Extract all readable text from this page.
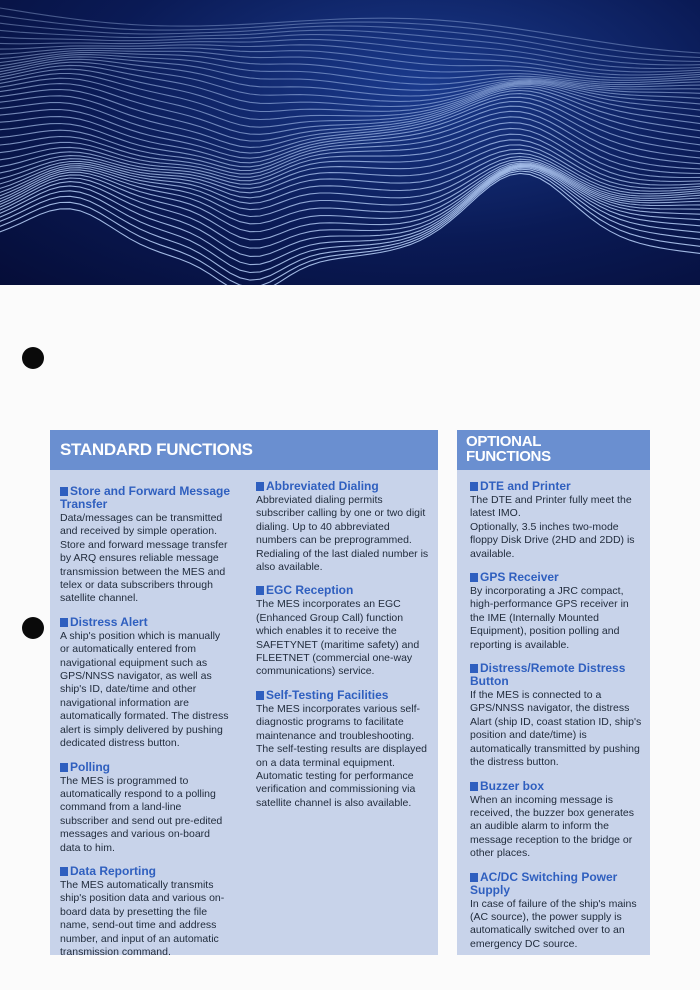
STANDARD FUNCTIONS
Store and Forward Message Transfer

Data/messages can be transmitted and received by simple operation. Store and forward message transfer by ARQ ensures reliable message transmission between the MES and telex or data subscribers through satellite channel.

Distress Alert

A ship's position which is manually or automatically entered from navigational equipment such as GPS/NNSS navigator, as well as ship's ID, date/time and other navigational information are automatically formated. The distress alert is simply delivered by pushing dedicated distress button.

Polling

The MES is programmed to automatically respond to a polling command from a land-line subscriber and send out pre-edited messages and various on-board data to him.

Data Reporting

The MES automatically transmits ship's position data and various on-board data by presetting the file name, send-out time and address number, and input of an automatic transmission command.

Abbreviated Dialing

Abbreviated dialing permits subscriber calling by one or two digit dialing. Up to 40 abbreviated numbers can be preprogrammed. Redialing of the last dialed number is also available.

EGC Reception

The MES incorporates an EGC (Enhanced Group Call) function which enables it to receive the SAFETYNET (maritime safety) and FLEETNET (commercial one-way communications) service.

Self-Testing Facilities

The MES incorporates various self-diagnostic programs to facilitate maintenance and troubleshooting. The self-testing results are displayed on a data terminal equipment. Automatic testing for performance verification and commissioning via satellite channel is also available.

OPTIONAL
FUNCTIONS
DTE and Printer

The DTE and Printer fully meet the latest IMO.

Optionally, 3.5 inches two-mode floppy Disk Drive (2HD and 2DD) is available.

GPS Receiver

By incorporating a JRC compact, high-performance GPS receiver in the IME (Internally Mounted Equipment), position polling and reporting is available.

Distress/Remote Distress Button

If the MES is connected to a GPS/NNSS navigator, the distress Alart (ship ID, coast station ID, ship's position and date/time) is automatically transmitted by pushing the distress button.

Buzzer box

When an incoming message is received, the buzzer box generates an audible alarm to inform the message reception to the bridge or other places.

AC/DC Switching Power Supply

In case of failure of the ship's mains (AC source), the power supply is automatically switched over to an emergency DC source.
